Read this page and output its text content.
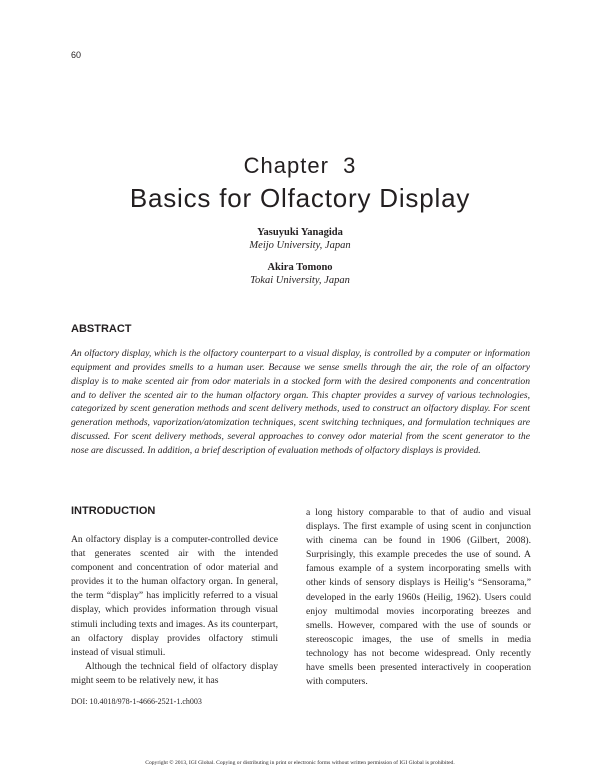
60
Chapter  3
Basics for Olfactory Display
Yasuyuki Yanagida
Meijo University, Japan
Akira Tomono
Tokai University, Japan
ABSTRACT
An olfactory display, which is the olfactory counterpart to a visual display, is controlled by a computer or information equipment and provides smells to a human user. Because we sense smells through the air, the role of an olfactory display is to make scented air from odor materials in a stocked form with the desired components and concentration and to deliver the scented air to the human olfactory organ. This chapter provides a survey of various technologies, categorized by scent generation methods and scent delivery methods, used to construct an olfactory display. For scent generation methods, vaporization/atomization techniques, scent switching techniques, and formulation techniques are discussed. For scent delivery methods, several approaches to convey odor material from the scent generator to the nose are discussed. In addition, a brief description of evaluation methods of olfactory displays is provided.
INTRODUCTION

An olfactory display is a computer-controlled device that generates scented air with the intended component and concentration of odor material and provides it to the human olfactory organ. In general, the term “display” has implicitly referred to a visual display, which provides information through visual stimuli including texts and images. As its counterpart, an olfactory display provides olfactory stimuli instead of visual stimuli.

Although the technical field of olfactory display might seem to be relatively new, it has

a long history comparable to that of audio and visual displays. The first example of using scent in conjunction with cinema can be found in 1906 (Gilbert, 2008). Surprisingly, this example precedes the use of sound. A famous example of a system incorporating smells with other kinds of sensory displays is Heilig’s “Sensorama,” developed in the early 1960s (Heilig, 1962). Users could enjoy multimodal movies incorporating breezes and smells. However, compared with the use of sounds or stereoscopic images, the use of smells in media technology has not become widespread. Only recently have smells been presented interactively in cooperation with computers.

DOI: 10.4018/978-1-4666-2521-1.ch003
Copyright © 2013, IGI Global. Copying or distributing in print or electronic forms without written permission of IGI Global is prohibited.
